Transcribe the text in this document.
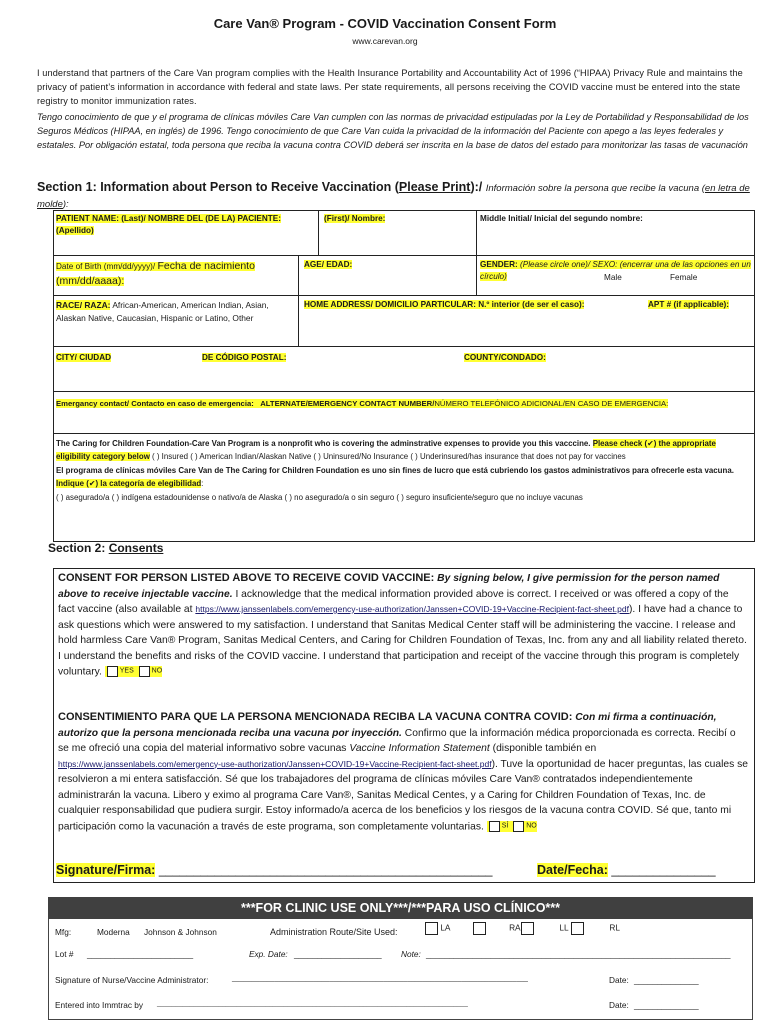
Care Van® Program - COVID Vaccination Consent Form
www.carevan.org
I understand that partners of the Care Van program complies with the Health Insurance Portability and Accountability Act of 1996 (“HIPAA) Privacy Rule and maintains the privacy of patient’s information in accordance with federal and state laws. Per state requirements, all persons receiving the COVID vaccine must be entered into the state registry to monitor immunization rates.
Tengo conocimiento de que y el programa de clínicas móviles Care Van cumplen con las normas de privacidad estipuladas por la Ley de Portabilidad y Responsabilidad de los Seguros Médicos (HIPAA, en inglés) de 1996. Tengo conocimiento de que Care Van cuida la privacidad de la información del Paciente con apego a las leyes federales y estatales. Por obligación estatal, toda persona que reciba la vacuna contra COVID deberá ser inscrita en la base de datos del estado para monitorizar las tasas de vacunación
Section 1: Information about Person to Receive Vaccination (Please Print):/ Información sobre la persona que recibe la vacuna (en letra de molde):
PATIENT NAME: (Last)/ NOMBRE DEL (DE LA) PACIENTE: (Apellido)
(First)/ Nombre:	Middle Initial/ Inicial del segundo nombre:
Date of Birth (mm/dd/yyyy)/ Fecha de nacimiento (mm/dd/aaaa):
AGE/ EDAD:	GENDER: (Please circle one)/ SEXO: (encerrar una de las opciones en un círculo)	Male	Female
RACE/ RAZA: African-American, American Indian, Asian, Alaskan Native, Caucasian, Hispanic or Latino, Other
HOME ADDRESS/ DOMICILIO PARTICULAR: N.º interior (de ser el caso):	APT # (if applicable):
CITY/ CIUDAD	DE CÓDIGO POSTAL:	COUNTY/CONDADO:
Emergancy contact/ Contacto en caso de emergencia: ALTERNATE/EMERGENCY CONTACT NUMBER/NÚMERO TELEFÓNICO ADICIONAL/EN CASO DE EMERGENCIA:
The Caring for Children Foundation-Care Van Program is a nonprofit who is covering the adminstrative expenses to provide you this vacccine. Please check (✔) the appropriate eligibility category below ( ) Insured ( ) American Indian/Alaskan Native ( ) Uninsured/No Insurance ( ) Underinsured/has insurance that does not pay for vaccines
El programa de clínicas móviles Care Van de The Caring for Children Foundation es uno sin fines de lucro que está cubriendo los gastos administrativos para ofrecerle esta vacuna. Indique (✔) la categoría de elegibilidad:
( ) asegurado/a ( ) indígena estadounidense o nativo/a de Alaska ( ) no asegurado/a o sin seguro ( ) seguro insuficiente/seguro que no incluye vacunas
Section 2: Consents
CONSENT FOR PERSON LISTED ABOVE TO RECEIVE COVID VACCINE: By signing below, I give permission for the person named above to receive injectable vaccine. I acknowledge that the medical information provided above is correct. I received or was offered a copy of the fact vaccine (also available at https://www.janssenlabels.com/emergency-use-authorization/Janssen+COVID-19+Vaccine-Recipient-fact-sheet.pdf). I have had a chance to ask questions which were answered to my satisfaction. I understand that Sanitas Medical Center staff will be administering the vaccine. I release and hold harmless Care Van® Program, Sanitas Medical Centers, and Caring for Children Foundation of Texas, Inc. from any and all liability related thereto. I understand the benefits and risks of the COVID vaccine. I understand that participation and receipt of the vaccine through this program is completely voluntary.	YES	NO
CONSENTIMIENTO PARA QUE LA PERSONA MENCIONADA RECIBA LA VACUNA CONTRA COVID: Con mi firma a continuación, autorizo que la persona mencionada reciba una vacuna por inyección. Confirmo que la información médica proporcionada es correcta. Recibí o se me ofreció una copia del material informativo sobre vacunas Vaccine Information Statement (disponible también en https://www.janssenlabels.com/emergency-use-authorization/Janssen+COVID-19+Vaccine-Recipient-fact-sheet.pdf). Tuve la oportunidad de hacer preguntas, las cuales se resolvieron a mi entera satisfacción. Sé que los trabajadores del programa de clínicas móviles Care Van® contratados independientemente administrarán la vacuna. Libero y eximo al programa Care Van®, Sanitas Medical Centes, y a Caring for Children Foundation of Texas, Inc. de cualquier responsabilidad que pudiera surgir. Estoy informado/a acerca de los beneficios y los riesgos de la vacuna contra COVID. Sé que, tanto mi participación como la vacunación a través de este programa, son completamente voluntarias.	SÍ	NO
Signature/Firma: ________________________________________________	Date/Fecha: _______________
***FOR CLINIC USE ONLY***/***PARA USO CLÍNICO***
Mfg:	Moderna Johnson & Johnson	Administration Route/Site Used:	LA	RA	LL	RL
Lot # _______________________	Exp. Date: ___________________ Note: __________________________________________________________________
Signature of Nurse/Vaccine Administrator:	____________________________________________________________________________	Date: ______________
Entered into Immtrac by ______________________________________________________________________________________	Date: ______________
